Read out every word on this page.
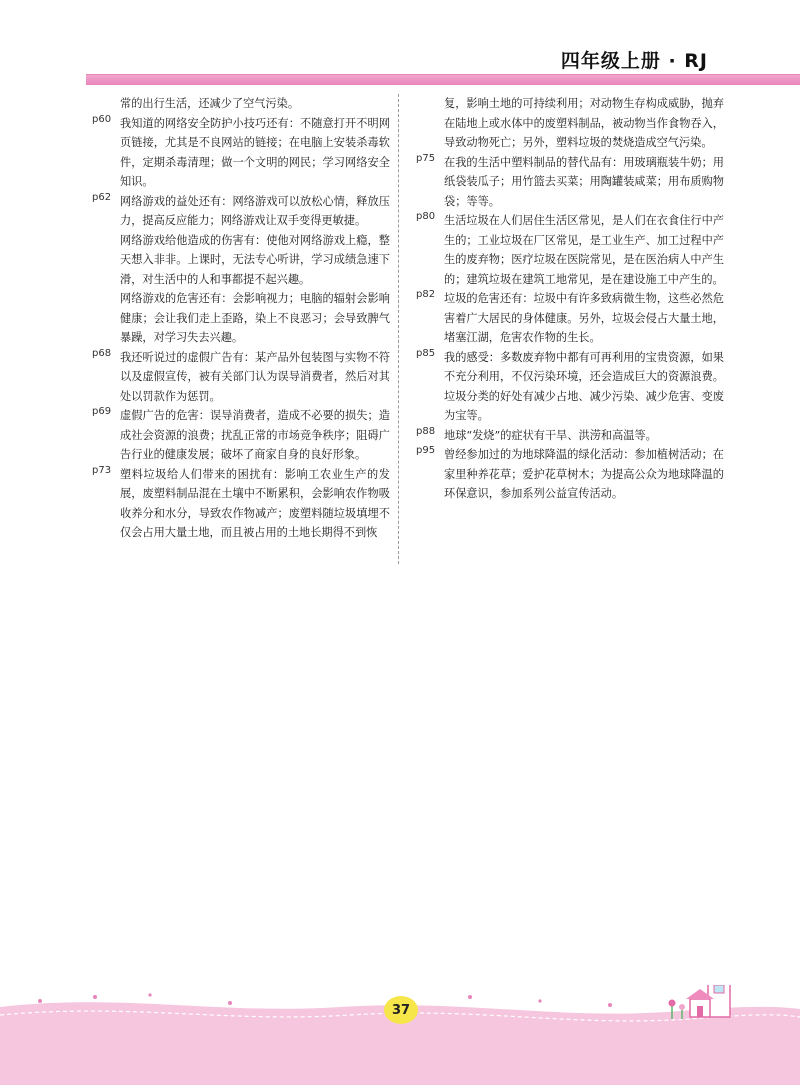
四年级上册 · RJ

常的出行生活，还减少了空气污染。

p60 我知道的网络安全防护小技巧还有：不随意打开不明网页链接，尤其是不良网站的链接；在电脑上安装杀毒软件，定期杀毒清理；做一个文明的网民；学习网络安全知识。

p62 网络游戏的益处还有：网络游戏可以放松心情，释放压力，提高反应能力；网络游戏让双手变得更敏捷。

网络游戏给他造成的伤害有：使他对网络游戏上瘾，整天想入非非。上课时，无法专心听讲，学习成绩急速下滑，对生活中的人和事都提不起兴趣。

网络游戏的危害还有：会影响视力；电脑的辐射会影响健康；会让我们走上歪路，染上不良恶习；会导致脾气暴躁，对学习失去兴趣。

p68 我还听说过的虚假广告有：某产品外包装图与实物不符以及虚假宣传，被有关部门认为误导消费者，然后对其处以罚款作为惩罚。

p69 虚假广告的危害：误导消费者，造成不必要的损失；造成社会资源的浪费；扰乱正常的市场竞争秩序；阻碍广告行业的健康发展；破坏了商家自身的良好形象。

p73 塑料垃圾给人们带来的困扰有：影响工农业生产的发展，废塑料制品混在土壤中不断累积，会影响农作物吸收养分和水分，导致农作物减产；废塑料随垃圾填埋不仅会占用大量土地，而且被占用的土地长期得不到恢

复，影响土地的可持续利用；对动物生存构成威胁，抛弃在陆地上或水体中的废塑料制品，被动物当作食物吞入，导致动物死亡；另外，塑料垃圾的焚烧造成空气污染。

p75 在我的生活中塑料制品的替代品有：用玻璃瓶装牛奶；用纸袋装瓜子；用竹篮去买菜；用陶罐装咸菜；用布质购物袋；等等。

p80 生活垃圾在人们居住生活区常见，是人们在衣食住行中产生的；工业垃圾在厂区常见，是工业生产、加工过程中产生的废弃物；医疗垃圾在医院常见，是在医治病人中产生的；建筑垃圾在建筑工地常见，是在建设施工中产生的。

p82 垃圾的危害还有：垃圾中有许多致病微生物，这些必然危害着广大居民的身体健康。另外，垃圾会侵占大量土地，堵塞江湖，危害农作物的生长。

p85 我的感受：多数废弃物中都有可再利用的宝贵资源，如果不充分利用，不仅污染环境，还会造成巨大的资源浪费。垃圾分类的好处有减少占地、减少污染、减少危害、变废为宝等。

p88 地球“发烧”的症状有干旱、洪涝和高温等。

p95 曾经参加过的为地球降温的绿化活动：参加植树活动；在家里种养花草；爱护花草树木；为提高公众为地球降温的环保意识，参加系列公益宣传活动。

37
